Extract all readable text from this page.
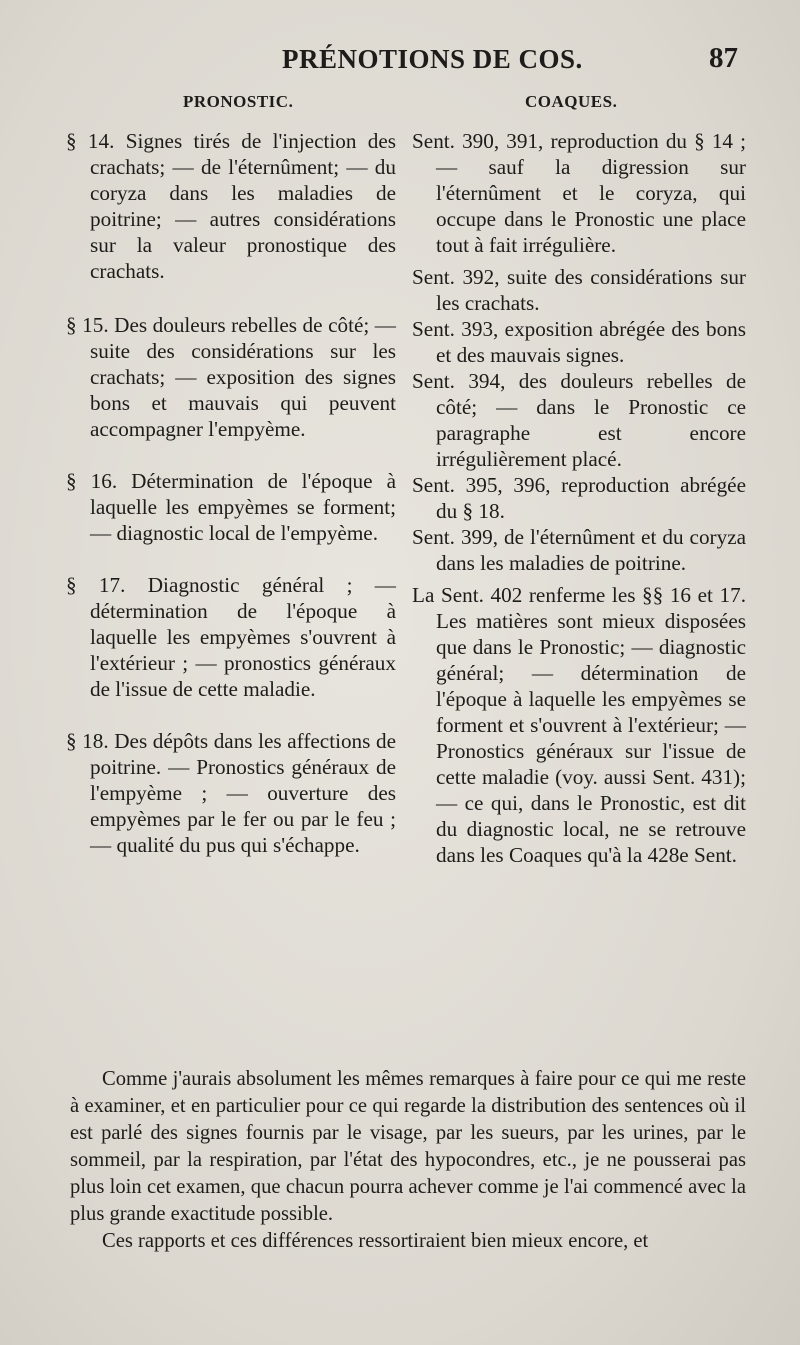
PRÉNOTIONS DE COS.	87
PRONOSTIC.	COAQUES.

§ 14. Signes tirés de l'injection des crachats; — de l'éternûment; — du coryza dans les maladies de poitrine; — autres considérations sur la valeur pronostique des crachats.

§ 15. Des douleurs rebelles de côté; — suite des considérations sur les crachats; — exposition des signes bons et mauvais qui peuvent accompagner l'empyème.

§ 16. Détermination de l'époque à laquelle les empyèmes se forment; — diagnostic local de l'empyème.

§ 17. Diagnostic général ; — détermination de l'époque à laquelle les empyèmes s'ouvrent à l'extérieur ; — pronostics généraux de l'issue de cette maladie.

§ 18. Des dépôts dans les affections de poitrine. — Pronostics généraux de l'empyème ; — ouverture des empyèmes par le fer ou par le feu ; — qualité du pus qui s'échappe.

Sent. 390, 391, reproduction du § 14 ; — sauf la digression sur l'éternûment et le coryza, qui occupe dans le Pronostic une place tout à fait irrégulière.

Sent. 392, suite des considérations sur les crachats.

Sent. 393, exposition abrégée des bons et des mauvais signes.

Sent. 394, des douleurs rebelles de côté; — dans le Pronostic ce paragraphe est encore irrégulièrement placé.

Sent. 395, 396, reproduction abrégée du § 18.

Sent. 399, de l'éternûment et du coryza dans les maladies de poitrine.

La Sent. 402 renferme les §§ 16 et 17. Les matières sont mieux disposées que dans le Pronostic; — diagnostic général; — détermination de l'époque à laquelle les empyèmes se forment et s'ouvrent à l'extérieur; — Pronostics généraux sur l'issue de cette maladie (voy. aussi Sent. 431); — ce qui, dans le Pronostic, est dit du diagnostic local, ne se retrouve dans les Coaques qu'à la 428e Sent.

Comme j'aurais absolument les mêmes remarques à faire pour ce qui me reste à examiner, et en particulier pour ce qui regarde la distribution des sentences où il est parlé des signes fournis par le visage, par les sueurs, par les urines, par le sommeil, par la respiration, par l'état des hypocondres, etc., je ne pousserai pas plus loin cet examen, que chacun pourra achever comme je l'ai commencé avec la plus grande exactitude possible.

Ces rapports et ces différences ressortiraient bien mieux encore, et
